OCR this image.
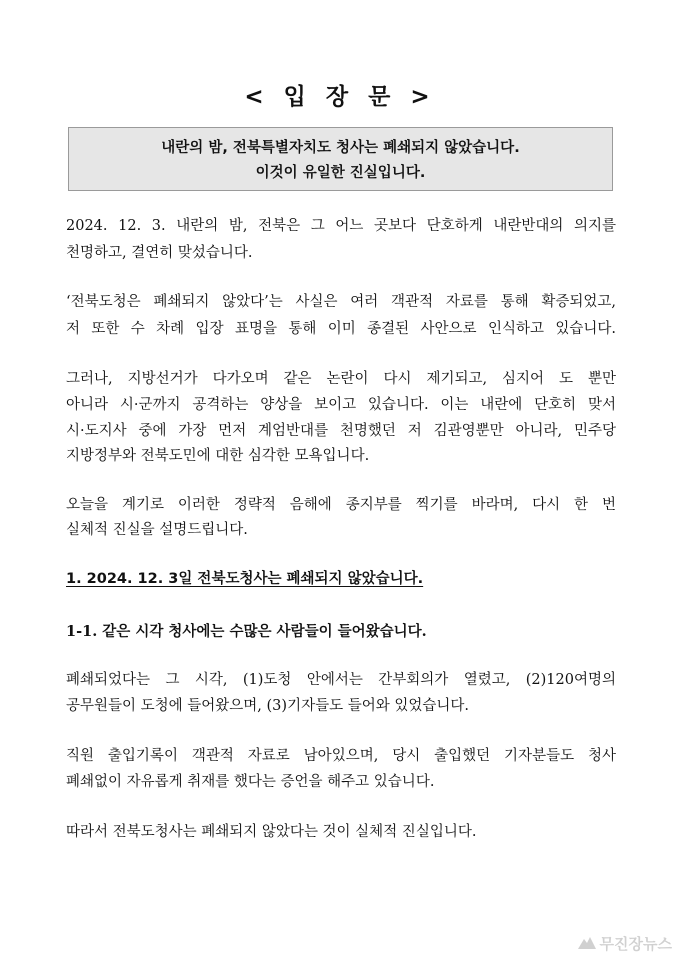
< 입 장 문 >
내란의 밤, 전북특별자치도 청사는 폐쇄되지 않았습니다.
이것이 유일한 진실입니다.
2024. 12. 3. 내란의 밤, 전북은 그 어느 곳보다 단호하게 내란반대의 의지를
천명하고, 결연히 맞섰습니다.
‘전북도청은 폐쇄되지 않았다’는 사실은 여러 객관적 자료를 통해 확증되었고,
저 또한 수 차례 입장 표명을 통해 이미 종결된 사안으로 인식하고 있습니다.
그러나, 지방선거가 다가오며 같은 논란이 다시 제기되고, 심지어 도 뿐만
아니라 시·군까지 공격하는 양상을 보이고 있습니다. 이는 내란에 단호히 맞서
시·도지사 중에 가장 먼저 계엄반대를 천명했던 저 김관영뿐만 아니라, 민주당
지방정부와 전북도민에 대한 심각한 모욕입니다.
오늘을 계기로 이러한 정략적 음해에 종지부를 찍기를 바라며, 다시 한 번
실체적 진실을 설명드립니다.
1. 2024. 12. 3일 전북도청사는 폐쇄되지 않았습니다.
1-1. 같은 시각 청사에는 수많은 사람들이 들어왔습니다.
폐쇄되었다는 그 시각, (1)도청 안에서는 간부회의가 열렸고, (2)120여명의
공무원들이 도청에 들어왔으며, (3)기자들도 들어와 있었습니다.
직원 출입기록이 객관적 자료로 남아있으며, 당시 출입했던 기자분들도 청사
폐쇄없이 자유롭게 취재를 했다는 증언을 해주고 있습니다.
따라서 전북도청사는 폐쇄되지 않았다는 것이 실체적 진실입니다.
무진장뉴스
